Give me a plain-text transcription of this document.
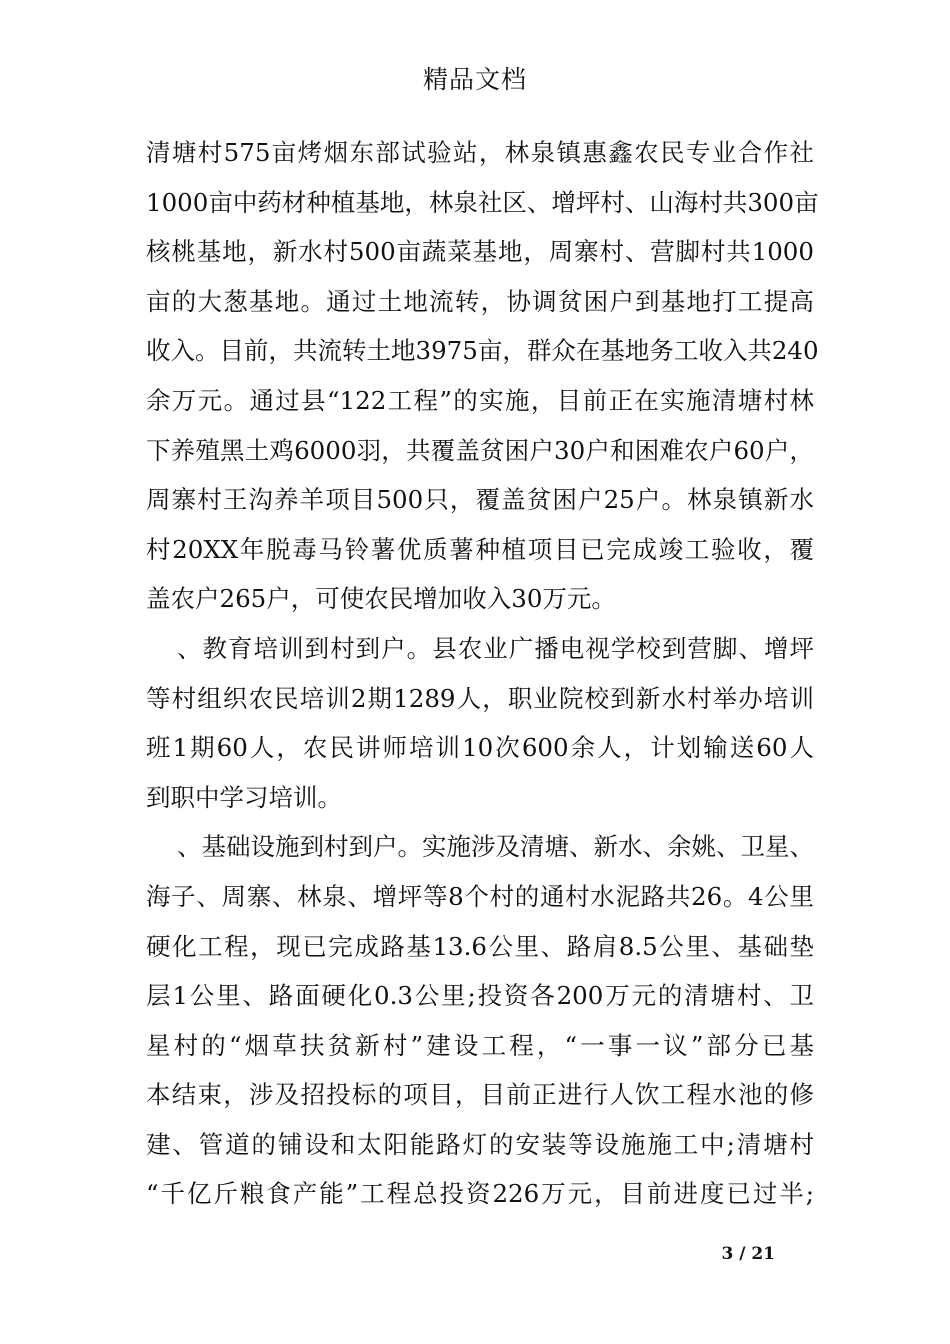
精品文档
清塘村575亩烤烟东部试验站，林泉镇惠鑫农民专业合作社
1000亩中药材种植基地，林泉社区、增坪村、山海村共300亩
核桃基地，新水村500亩蔬菜基地，周寨村、营脚村共1000
亩的大葱基地。通过土地流转，协调贫困户到基地打工提高
收入。目前，共流转土地3975亩，群众在基地务工收入共240
余万元。通过县“122工程”的实施，目前正在实施清塘村林
下养殖黑土鸡6000羽，共覆盖贫困户30户和困难农户60户，
周寨村王沟养羊项目500只，覆盖贫困户25户。林泉镇新水
村20XX年脱毒马铃薯优质薯种植项目已完成竣工验收，覆
盖农户265户，可使农民增加收入30万元。
、教育培训到村到户。县农业广播电视学校到营脚、增坪
等村组织农民培训2期1289人，职业院校到新水村举办培训
班1期60人，农民讲师培训10次600余人，计划输送60人
到职中学习培训。
、基础设施到村到户。实施涉及清塘、新水、余姚、卫星、
海子、周寨、林泉、增坪等8个村的通村水泥路共26。4公里
硬化工程，现已完成路基13.6公里、路肩8.5公里、基础垫
层1公里、路面硬化0.3公里;投资各200万元的清塘村、卫
星村的“烟草扶贫新村”建设工程，“一事一议”部分已基
本结束，涉及招投标的项目，目前正进行人饮工程水池的修
建、管道的铺设和太阳能路灯的安装等设施施工中;清塘村
“千亿斤粮食产能”工程总投资226万元，目前进度已过半;
3 / 21
